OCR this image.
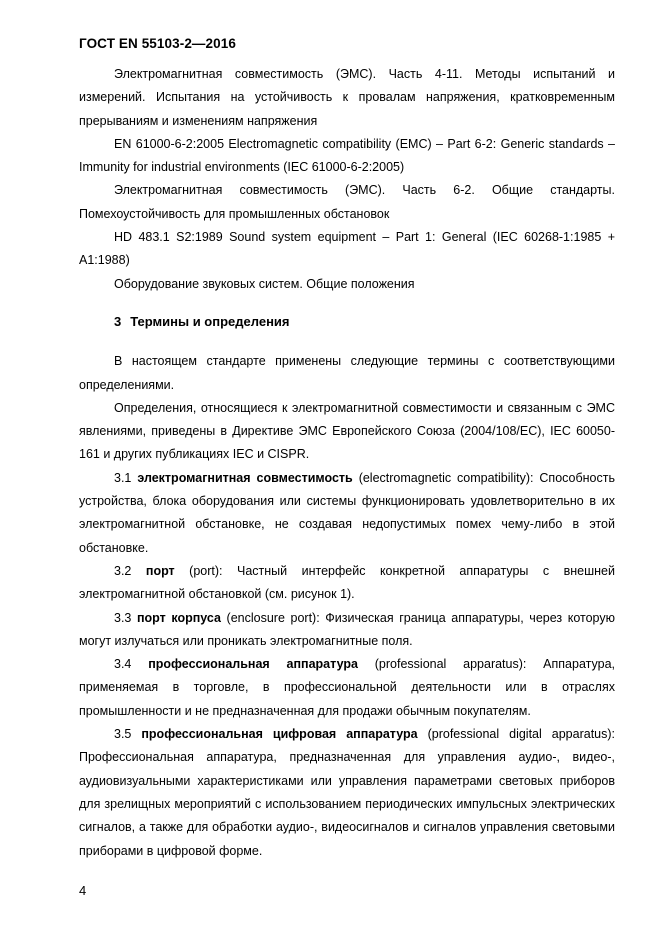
ГОСТ EN 55103-2—2016

Электромагнитная совместимость (ЭМС). Часть 4-11. Методы испытаний и измерений. Испытания на устойчивость к провалам напряжения, кратковременным прерываниям и изменениям напряжения

EN 61000-6-2:2005 Electromagnetic compatibility (EMC) – Part 6-2: Generic standards – Immunity for industrial environments (IEC 61000-6-2:2005)

Электромагнитная совместимость (ЭМС). Часть 6-2. Общие стандарты. Помехоустойчивость для промышленных обстановок

HD 483.1 S2:1989 Sound system equipment – Part 1: General (IEC 60268-1:1985 + A1:1988)

Оборудование звуковых систем. Общие положения

3 Термины и определения

В настоящем стандарте применены следующие термины с соответствующими определениями.

Определения, относящиеся к электромагнитной совместимости и связанным с ЭМС явлениями, приведены в Директиве ЭМС Европейского Союза (2004/108/EC), IEC 60050-161 и других публикациях IEC и CISPR.

3.1 электромагнитная совместимость (electromagnetic compatibility): Способность устройства, блока оборудования или системы функционировать удовлетворительно в их электромагнитной обстановке, не создавая недопустимых помех чему-либо в этой обстановке.

3.2 порт (port): Частный интерфейс конкретной аппаратуры с внешней электромагнитной обстановкой (см. рисунок 1).

3.3 порт корпуса (enclosure port): Физическая граница аппаратуры, через которую могут излучаться или проникать электромагнитные поля.

3.4 профессиональная аппаратура (professional apparatus): Аппаратура, применяемая в торговле, в профессиональной деятельности или в отраслях промышленности и не предназначенная для продажи обычным покупателям.

3.5 профессиональная цифровая аппаратура (professional digital apparatus): Профессиональная аппаратура, предназначенная для управления аудио-, видео-, аудиовизуальными характеристиками или управления параметрами световых приборов для зрелищных мероприятий с использованием периодических импульсных электрических сигналов, а также для обработки аудио-, видеосигналов и сигналов управления световыми приборами в цифровой форме.

4
